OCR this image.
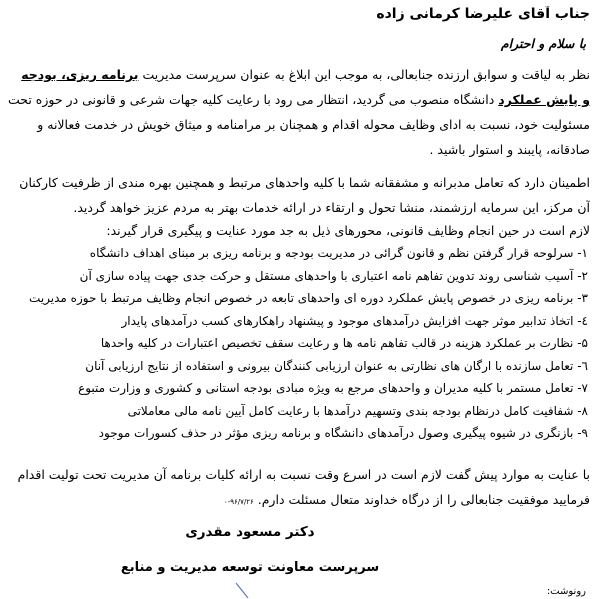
جناب آقای علیرضا کرمانی زاده
با سلام و احترام
نظر به لیاقت و سوابق ارزنده جنابعالی، به موجب این ابلاغ به عنوان سرپرست مدیریت برنامه ریزی، بودجه
و پایش عملکرد دانشگاه منصوب می گردید، انتظار می رود با رعایت کلیه جهات شرعی و قانونی در حوزه تحت
مسئولیت خود، نسبت به ادای وظایف محوله اقدام و همچنان بر مرامنامه و میثاق خویش در خدمت فعالانه و
صادقانه، پایبند و استوار باشید .
اطمینان دارد که تعامل مدبرانه و مشفقانه شما با کلیه واحدهای مرتبط و همچنین بهره مندی از ظرفیت کارکنان
آن مرکز، این سرمایه ارزشمند، منشا تحول و ارتقاء در ارائه خدمات بهتر به مردم عزیز خواهد گردید.
لازم است در حین انجام وظایف قانونی، محورهای ذیل به جد مورد عنایت و پیگیری قرار گیرند:
۱- سرلوحه قرار گرفتن نظم و قانون گرائی در مدیریت بودجه و برنامه ریزی بر مبنای اهداف دانشگاه
۲- آسیب شناسی روند تدوین تفاهم نامه اعتباری با واحدهای مستقل و حرکت جدی جهت پیاده سازی آن
۳- برنامه ریزی در خصوص پایش عملکرد دوره ای واحدهای تابعه در خصوص انجام وظایف مرتبط با حوزه مدیریت
٤- اتخاذ تدابیر موثر جهت افزایش درآمدهای موجود و پیشنهاد راهکارهای کسب درآمدهای پایدار
۵- نظارت بر عملکرد هزینه در قالب تفاهم نامه ها و رعایت سقف تخصیص اعتبارات در کلیه واحدها
٦- تعامل سازنده با ارگان های نظارتی به عنوان ارزیابی کنندگان بیرونی و استفاده از نتایج ارزیابی آنان
۷- تعامل مستمر با کلیه مدیران و واحدهای مرجع به ویژه مبادی بودجه استانی و کشوری و وزارت متبوع
۸- شفافیت کامل درنظام بودجه بندی وتسهیم درآمدها با رعایت کامل آیین نامه مالی معاملاتی
۹- بازنگری در شیوه پیگیری وصول درآمدهای دانشگاه و برنامه ریزی مؤثر در حذف کسورات موجود
با عنایت به موارد پیش گفت لازم است در اسرع وقت نسبت به ارائه کلیات برنامه آن مدیریت تحت تولیت اقدام
فرمایید موفقیت جنابعالی را از درگاه خداوند متعال مسئلت دارم. ۹۶/۷/۲۶-۰
دکتر مسعود مقدری
سرپرست معاونت توسعه مدیریت و منابع
رونوشت:
